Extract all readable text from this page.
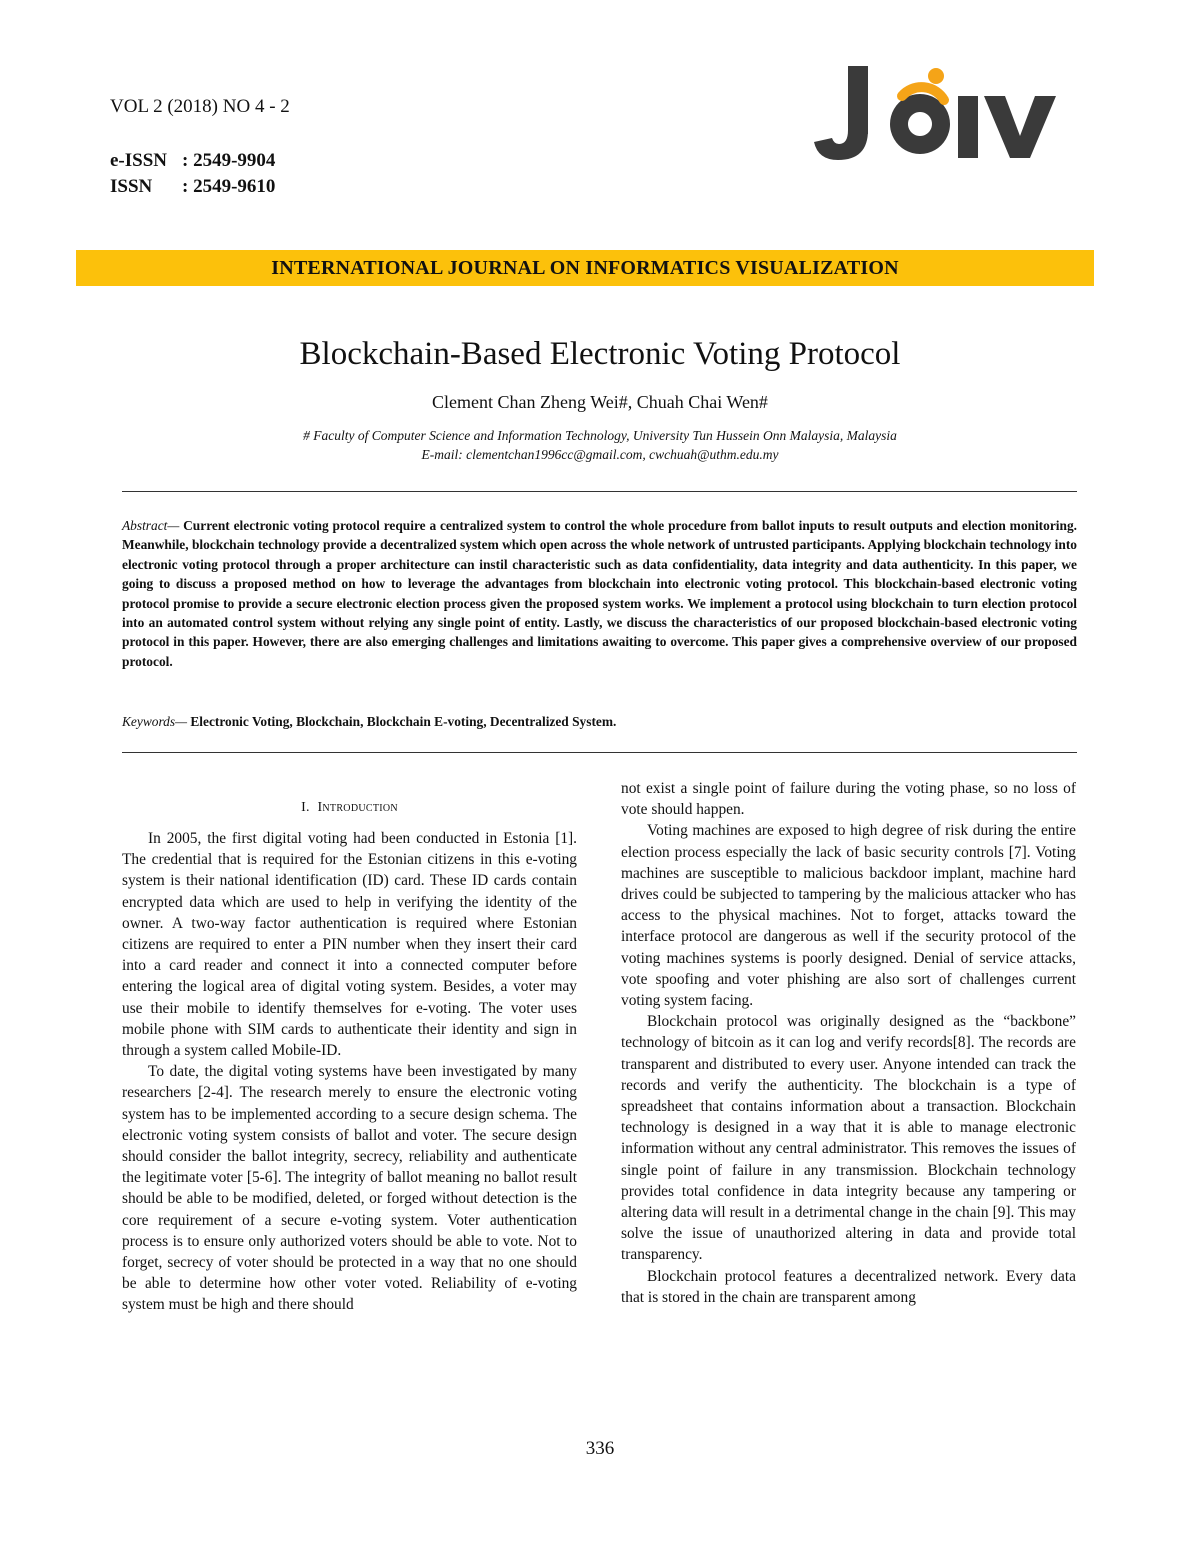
VOL 2 (2018) NO 4 - 2
e-ISSN : 2549-9904
ISSN	: 2549-9610
INTERNATIONAL JOURNAL ON INFORMATICS VISUALIZATION
Blockchain-Based Electronic Voting Protocol
Clement Chan Zheng Wei#, Chuah Chai Wen#
# Faculty of Computer Science and Information Technology, University Tun Hussein Onn Malaysia, Malaysia
E-mail: clementchan1996cc@gmail.com, cwchuah@uthm.edu.my
Abstract— Current electronic voting protocol require a centralized system to control the whole procedure from ballot inputs to result outputs and election monitoring. Meanwhile, blockchain technology provide a decentralized system which open across the whole network of untrusted participants. Applying blockchain technology into electronic voting protocol through a proper architecture can instil characteristic such as data confidentiality, data integrity and data authenticity. In this paper, we going to discuss a proposed method on how to leverage the advantages from blockchain into electronic voting protocol. This blockchain-based electronic voting protocol promise to provide a secure electronic election process given the proposed system works. We implement a protocol using blockchain to turn election protocol into an automated control system without relying any single point of entity. Lastly, we discuss the characteristics of our proposed blockchain-based electronic voting protocol in this paper. However, there are also emerging challenges and limitations awaiting to overcome. This paper gives a comprehensive overview of our proposed protocol.
Keywords— Electronic Voting, Blockchain, Blockchain E-voting, Decentralized System.
I. Introduction

In 2005, the first digital voting had been conducted in Estonia [1]. The credential that is required for the Estonian citizens in this e-voting system is their national identification (ID) card. These ID cards contain encrypted data which are used to help in verifying the identity of the owner. A two-way factor authentication is required where Estonian citizens are required to enter a PIN number when they insert their card into a card reader and connect it into a connected computer before entering the logical area of digital voting system. Besides, a voter may use their mobile to identify themselves for e-voting. The voter uses mobile phone with SIM cards to authenticate their identity and sign in through a system called Mobile-ID.

To date, the digital voting systems have been investigated by many researchers [2-4]. The research merely to ensure the electronic voting system has to be implemented according to a secure design schema. The electronic voting system consists of ballot and voter. The secure design should consider the ballot integrity, secrecy, reliability and authenticate the legitimate voter [5-6]. The integrity of ballot meaning no ballot result should be able to be modified, deleted, or forged without detection is the core requirement of a secure e-voting system. Voter authentication process is to ensure only authorized voters should be able to vote. Not to forget, secrecy of voter should be protected in a way that no one should be able to determine how other voter voted. Reliability of e-voting system must be high and there should

not exist a single point of failure during the voting phase, so no loss of vote should happen.

Voting machines are exposed to high degree of risk during the entire election process especially the lack of basic security controls [7]. Voting machines are susceptible to malicious backdoor implant, machine hard drives could be subjected to tampering by the malicious attacker who has access to the physical machines. Not to forget, attacks toward the interface protocol are dangerous as well if the security protocol of the voting machines systems is poorly designed. Denial of service attacks, vote spoofing and voter phishing are also sort of challenges current voting system facing.

Blockchain protocol was originally designed as the “backbone” technology of bitcoin as it can log and verify records[8]. The records are transparent and distributed to every user. Anyone intended can track the records and verify the authenticity. The blockchain is a type of spreadsheet that contains information about a transaction. Blockchain technology is designed in a way that it is able to manage electronic information without any central administrator. This removes the issues of single point of failure in any transmission. Blockchain technology provides total confidence in data integrity because any tampering or altering data will result in a detrimental change in the chain [9]. This may solve the issue of unauthorized altering in data and provide total transparency.

Blockchain protocol features a decentralized network. Every data that is stored in the chain are transparent among

336
